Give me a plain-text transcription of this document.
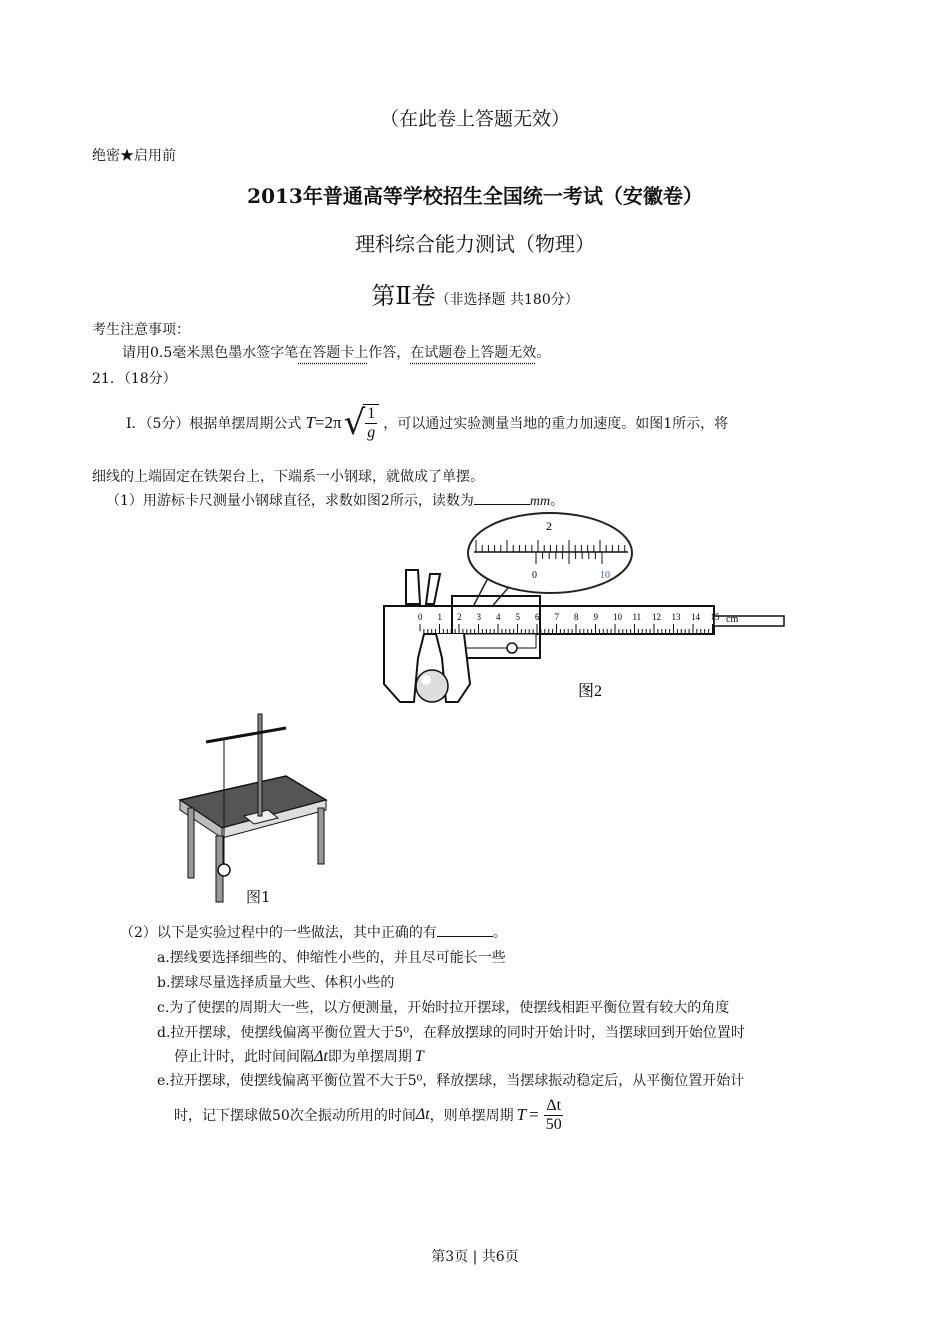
（在此卷上答题无效）
绝密★启用前
2013年普通高等学校招生全国统一考试（安徽卷）
理科综合能力测试（物理）
第Ⅱ卷（非选择题 共180分）
考生注意事项：
请用0.5毫米黑色墨水签字笔在答题卡上作答，在试题卷上答题无效。
21．（18分）
Ⅰ．（5分）根据单摆周期公式 T =2π √ $\frac{1}{g}$ ，可以通过实验测量当地的重力加速度。如图1所示，将
细线的上端固定在铁架台上，下端系一小钢球，就做成了单摆。
（1）用游标卡尺测量小钢球直径，求数如图2所示，读数为	mm。
2
0	10
0 1 2 3 4 5 6 7 8 9 10 11 12 13 14 15 cm
图2
图1
（2）以下是实验过程中的一些做法，其中正确的有	。
a.摆线要选择细些的、伸缩性小些的，并且尽可能长一些
b.摆球尽量选择质量大些、体积小些的
c.为了使摆的周期大一些，以方便测量，开始时拉开摆球，使摆线相距平衡位置有较大的角度
d.拉开摆球，使摆线偏离平衡位置大于5⁰，在释放摆球的同时开始计时，当摆球回到开始位置时
停止计时，此时间间隔Δt即为单摆周期 T
e.拉开摆球，使摆线偏离平衡位置不大于5⁰，释放摆球，当摆球振动稳定后，从平衡位置开始计
时，记下摆球做50次全振动所用的时间 Δt ，则单摆周期 $T = \frac{\Delta t}{50}$
第3页 | 共6页
